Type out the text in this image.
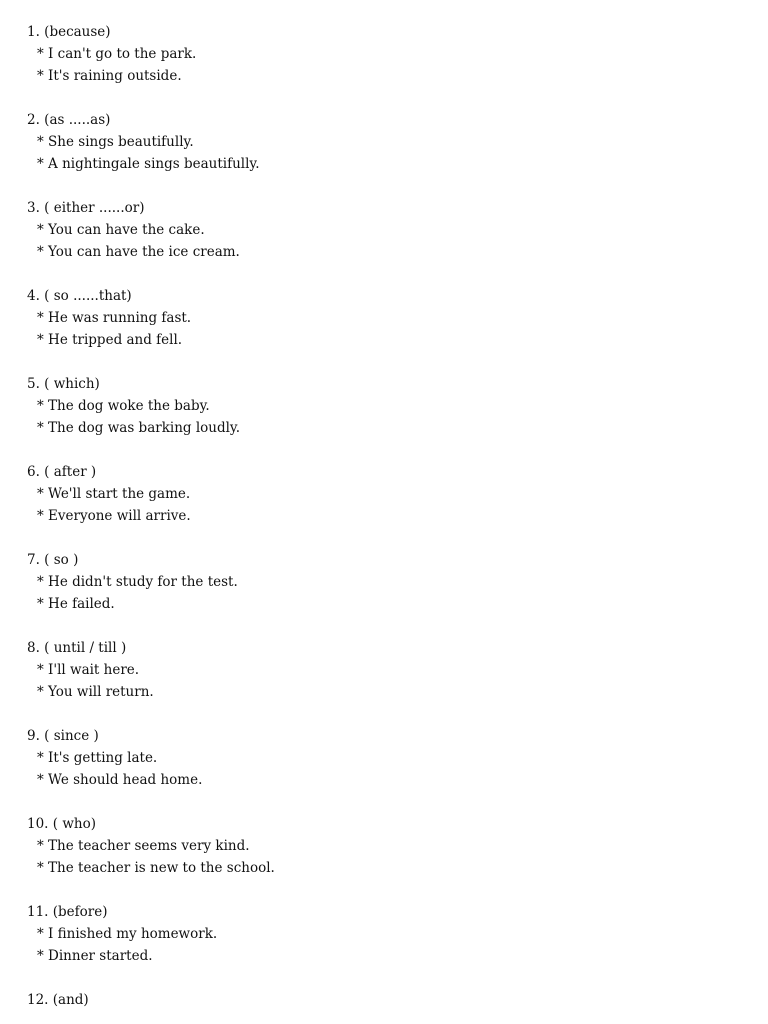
1. (because)
* I can't go to the park.
* It's raining outside.
2. (as .....as)
* She sings beautifully.
* A nightingale sings beautifully.
3. ( either ......or)
* You can have the cake.
* You can have the ice cream.
4. ( so ......that)
* He was running fast.
* He tripped and fell.
5. ( which)
* The dog woke the baby.
* The dog was barking loudly.
6. ( after )
* We'll start the game.
* Everyone will arrive.
7. ( so )
* He didn't study for the test.
* He failed.
8. ( until / till )
* I'll wait here.
* You will return.
9. ( since )
* It's getting late.
* We should head home.
10. ( who)
* The teacher seems very kind.
* The teacher is new to the school.
11. (before)
* I finished my homework.
* Dinner started.
12. (and)
